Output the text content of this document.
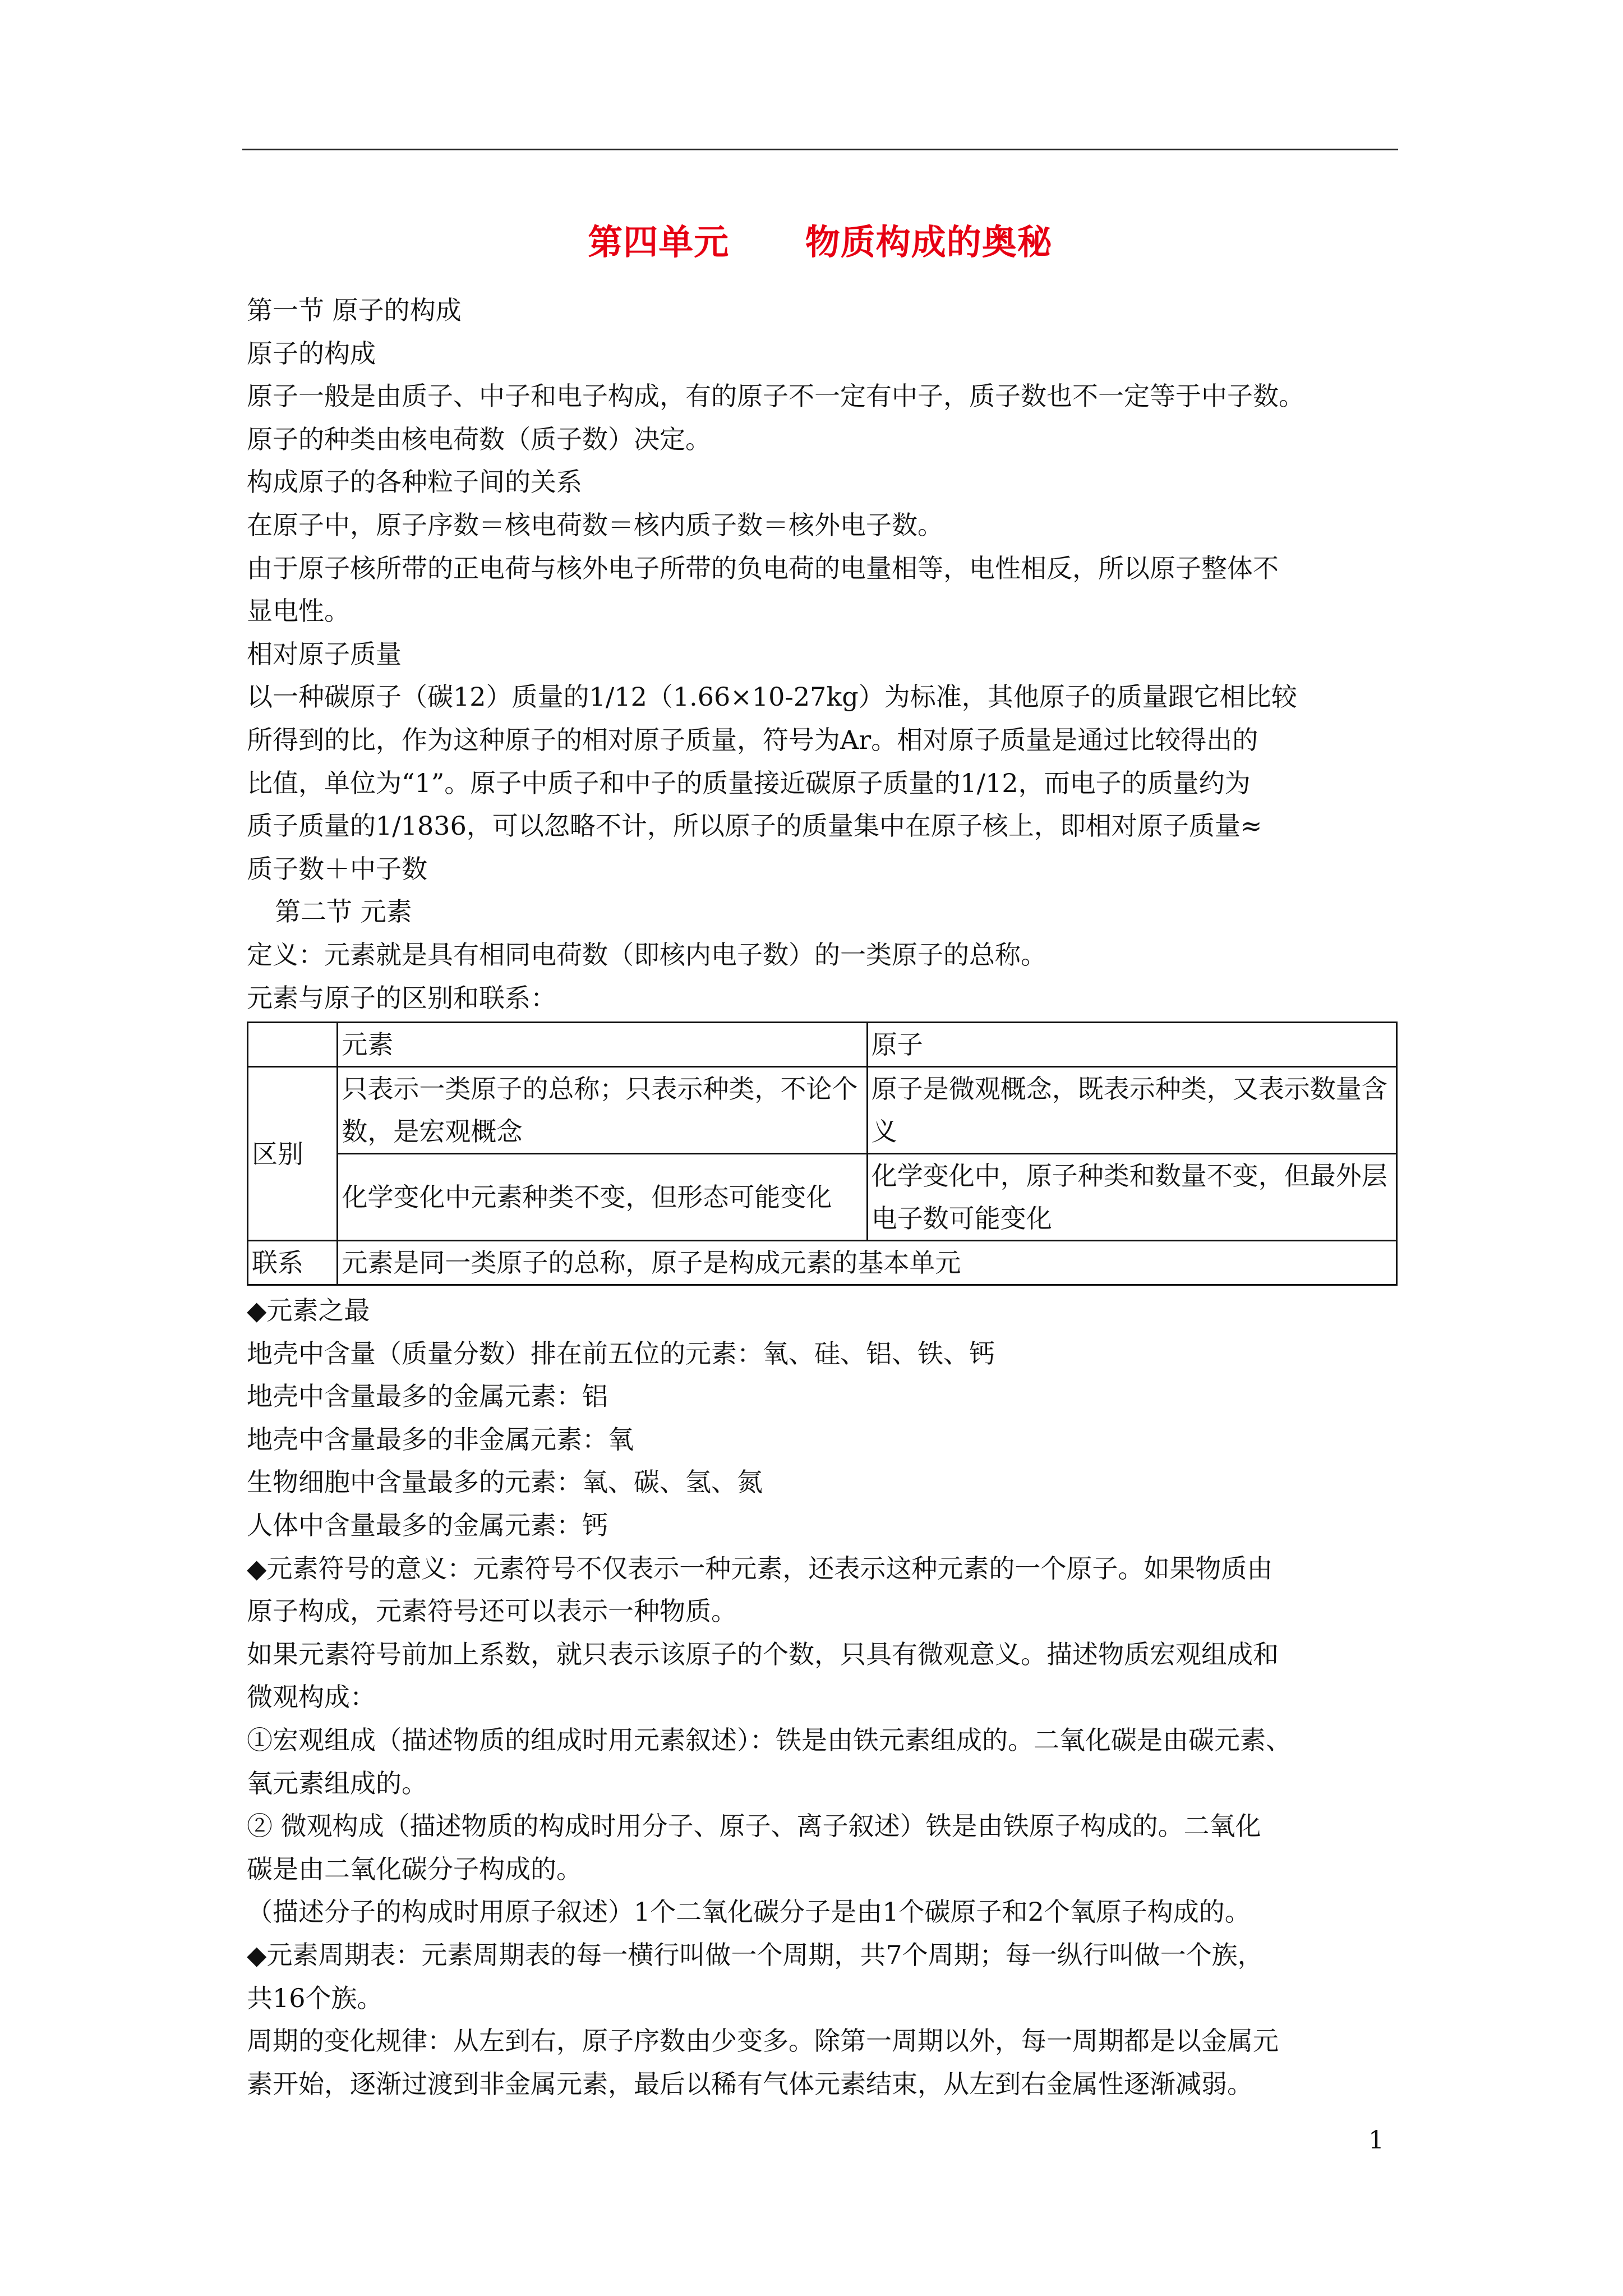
第四单元      物质构成的奥秘
第一节 原子的构成
原子的构成
原子一般是由质子、中子和电子构成，有的原子不一定有中子，质子数也不一定等于中子数。
原子的种类由核电荷数（质子数）决定。
构成原子的各种粒子间的关系
在原子中，原子序数＝核电荷数＝核内质子数＝核外电子数。
由于原子核所带的正电荷与核外电子所带的负电荷的电量相等，电性相反，所以原子整体不
显电性。
相对原子质量
以一种碳原子（碳12）质量的1/12（1.66×10-27kg）为标准，其他原子的质量跟它相比较
所得到的比，作为这种原子的相对原子质量，符号为Ar。相对原子质量是通过比较得出的
比值，单位为“1”。原子中质子和中子的质量接近碳原子质量的1/12，而电子的质量约为
质子质量的1/1836，可以忽略不计，所以原子的质量集中在原子核上，即相对原子质量≈
质子数＋中子数
第二节 元素
定义：元素就是具有相同电荷数（即核内电子数）的一类原子的总称。
元素与原子的区别和联系：
	元素	原子
区别	只表示一类原子的总称；只表示种类，不论个数，是宏观概念	原子是微观概念，既表示种类，又表示数量含义
	化学变化中元素种类不变，但形态可能变化	化学变化中，原子种类和数量不变，但最外层电子数可能变化
联系	元素是同一类原子的总称，原子是构成元素的基本单元	
◆元素之最
地壳中含量（质量分数）排在前五位的元素：氧、硅、铝、铁、钙
地壳中含量最多的金属元素：铝
地壳中含量最多的非金属元素：氧
生物细胞中含量最多的元素：氧、碳、氢、氮
人体中含量最多的金属元素：钙
◆元素符号的意义：元素符号不仅表示一种元素，还表示这种元素的一个原子。如果物质由
原子构成，元素符号还可以表示一种物质。
如果元素符号前加上系数，就只表示该原子的个数，只具有微观意义。描述物质宏观组成和
微观构成：
①宏观组成（描述物质的组成时用元素叙述）：铁是由铁元素组成的。二氧化碳是由碳元素、
氧元素组成的。
② 微观构成（描述物质的构成时用分子、原子、离子叙述）铁是由铁原子构成的。二氧化
碳是由二氧化碳分子构成的。
（描述分子的构成时用原子叙述）1个二氧化碳分子是由1个碳原子和2个氧原子构成的。
◆元素周期表：元素周期表的每一横行叫做一个周期，共7个周期；每一纵行叫做一个族，
共16个族。
周期的变化规律：从左到右，原子序数由少变多。除第一周期以外，每一周期都是以金属元
素开始，逐渐过渡到非金属元素，最后以稀有气体元素结束，从左到右金属性逐渐减弱。
1
